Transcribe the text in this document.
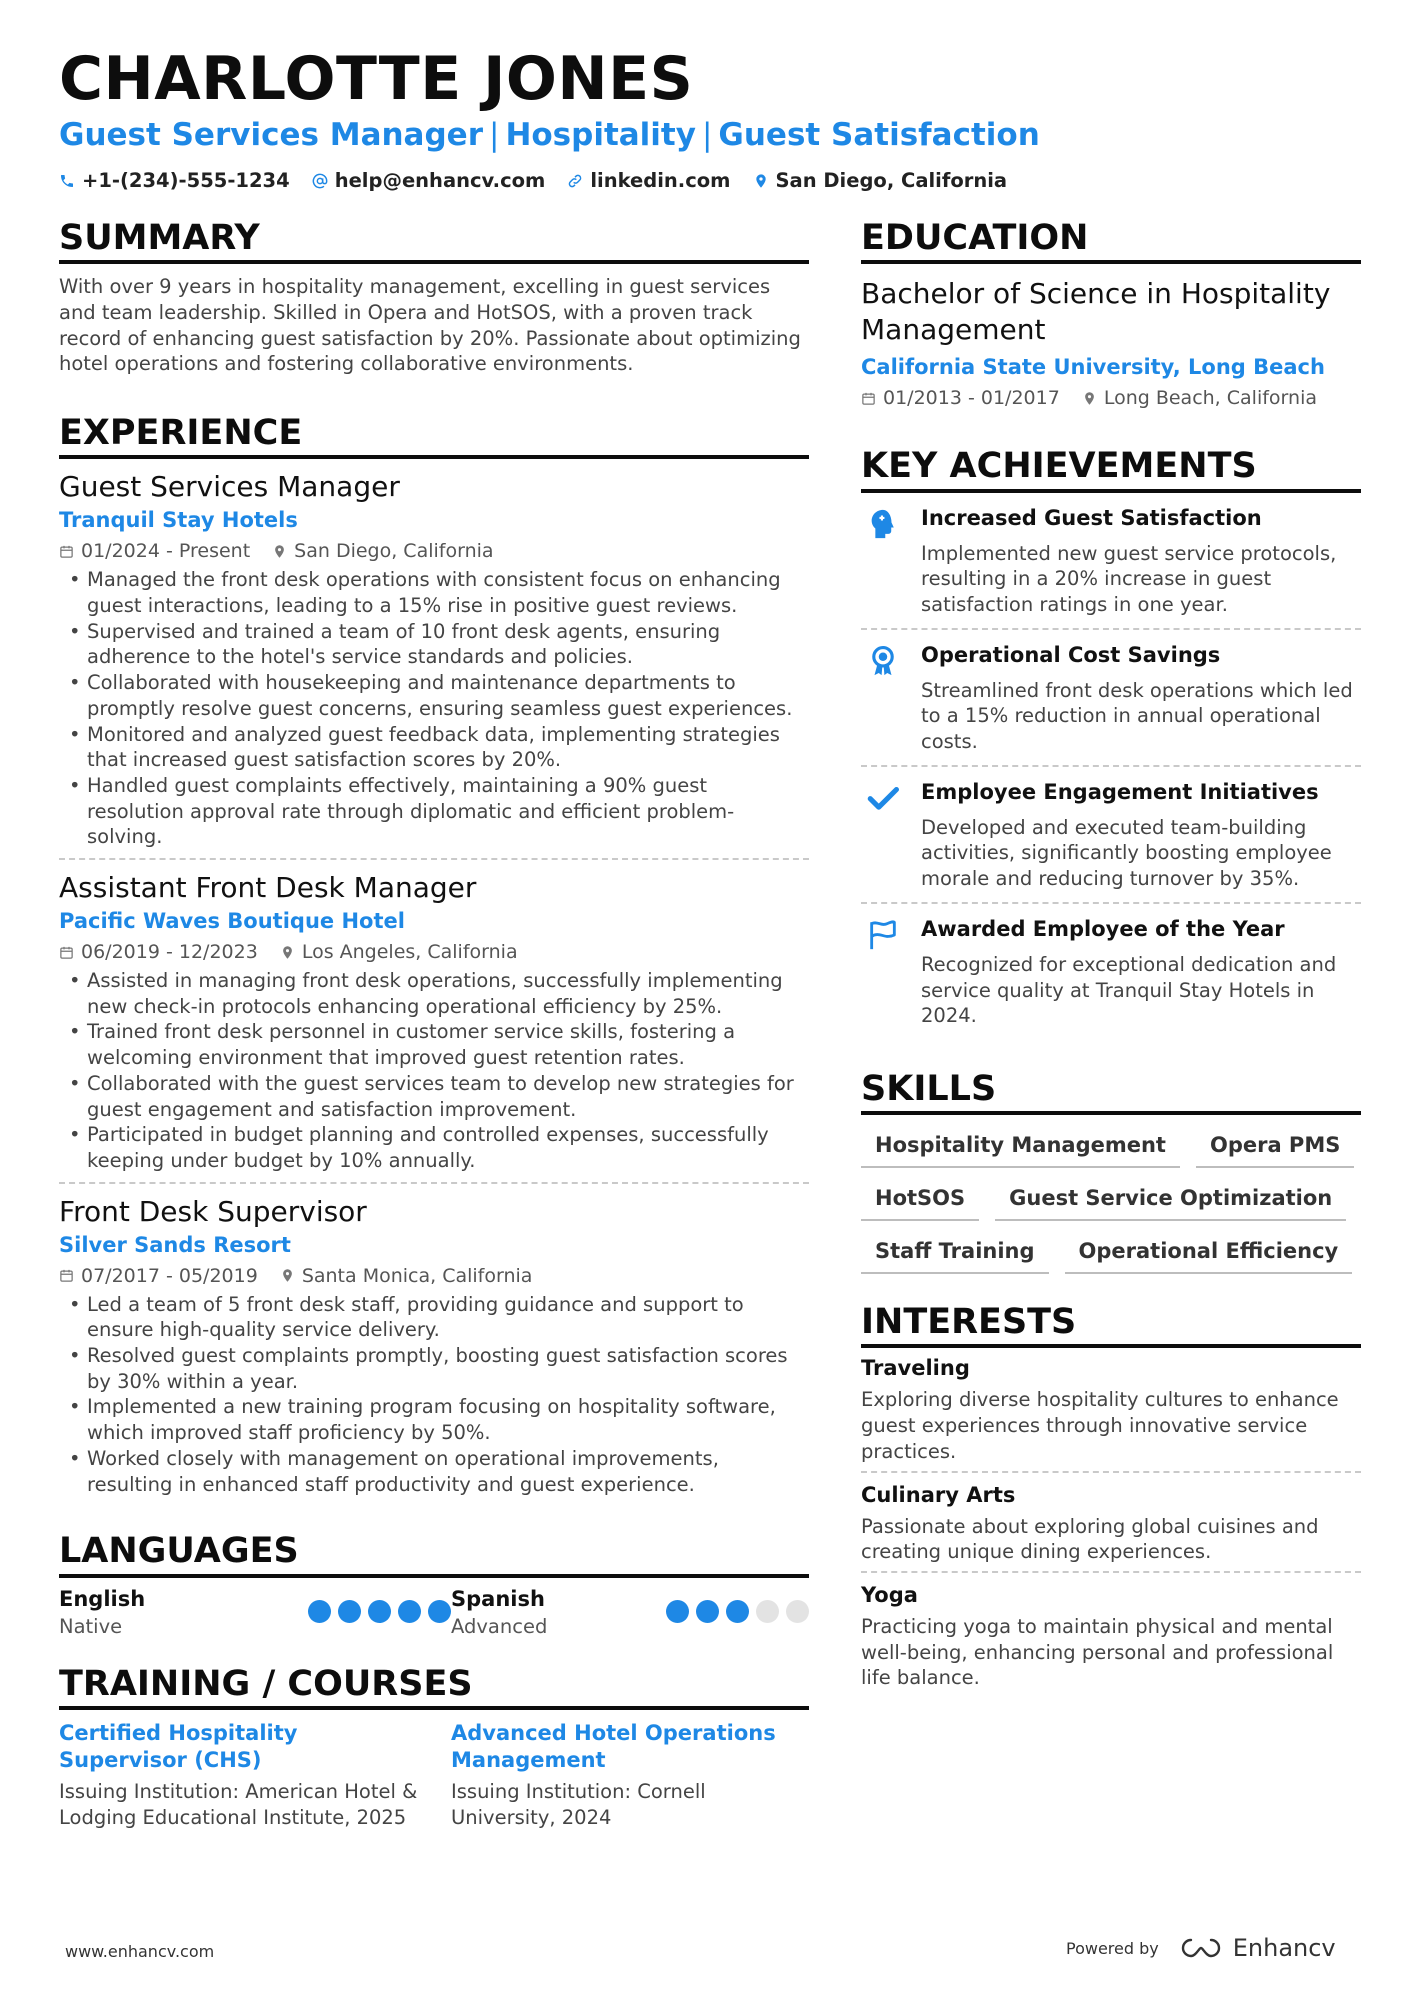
CHARLOTTE JONES
Guest Services Manager | Hospitality | Guest Satisfaction
+1-(234)-555-1234 help@enhancv.com linkedin.com San Diego, California
SUMMARY

With over 9 years in hospitality management, excelling in guest services and team leadership. Skilled in Opera and HotSOS, with a proven track record of enhancing guest satisfaction by 20%. Passionate about optimizing hotel operations and fostering collaborative environments.

EXPERIENCE
Guest Services Manager
Tranquil Stay Hotels
01/2024 - Present San Diego, California
• Managed the front desk operations with consistent focus on enhancing guest interactions, leading to a 15% rise in positive guest reviews.
• Supervised and trained a team of 10 front desk agents, ensuring adherence to the hotel's service standards and policies.
• Collaborated with housekeeping and maintenance departments to promptly resolve guest concerns, ensuring seamless guest experiences.
• Monitored and analyzed guest feedback data, implementing strategies that increased guest satisfaction scores by 20%.
• Handled guest complaints effectively, maintaining a 90% guest resolution approval rate through diplomatic and efficient problem-solving.
Assistant Front Desk Manager
Pacific Waves Boutique Hotel
06/2019 - 12/2023 Los Angeles, California
• Assisted in managing front desk operations, successfully implementing new check-in protocols enhancing operational efficiency by 25%.
• Trained front desk personnel in customer service skills, fostering a welcoming environment that improved guest retention rates.
• Collaborated with the guest services team to develop new strategies for guest engagement and satisfaction improvement.
• Participated in budget planning and controlled expenses, successfully keeping under budget by 10% annually.
Front Desk Supervisor
Silver Sands Resort
07/2017 - 05/2019 Santa Monica, California
• Led a team of 5 front desk staff, providing guidance and support to ensure high-quality service delivery.
• Resolved guest complaints promptly, boosting guest satisfaction scores by 30% within a year.
• Implemented a new training program focusing on hospitality software, which improved staff proficiency by 50%.
• Worked closely with management on operational improvements, resulting in enhanced staff productivity and guest experience.
LANGUAGES
English
Native
Spanish
Advanced
TRAINING / COURSES
Certified Hospitality Supervisor (CHS)
Issuing Institution: American Hotel & Lodging Educational Institute, 2025
Advanced Hotel Operations Management
Issuing Institution: Cornell University, 2024
EDUCATION
Bachelor of Science in Hospitality Management
California State University, Long Beach
01/2013 - 01/2017 Long Beach, California
KEY ACHIEVEMENTS
Increased Guest Satisfaction
Implemented new guest service protocols, resulting in a 20% increase in guest satisfaction ratings in one year.
Operational Cost Savings
Streamlined front desk operations which led to a 15% reduction in annual operational costs.
Employee Engagement Initiatives
Developed and executed team-building activities, significantly boosting employee morale and reducing turnover by 35%.
Awarded Employee of the Year
Recognized for exceptional dedication and service quality at Tranquil Stay Hotels in 2024.
SKILLS
Hospitality Management	Opera PMS
HotSOS	Guest Service Optimization
Staff Training	Operational Efficiency
INTERESTS
Traveling
Exploring diverse hospitality cultures to enhance guest experiences through innovative service practices.
Culinary Arts
Passionate about exploring global cuisines and creating unique dining experiences.
Yoga
Practicing yoga to maintain physical and mental well-being, enhancing personal and professional life balance.
www.enhancv.com	Powered by	Enhancv
